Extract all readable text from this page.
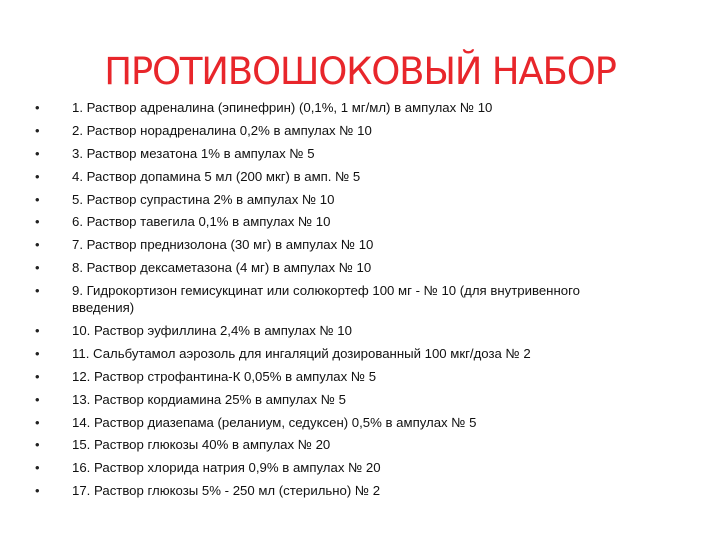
ПРОТИВОШОКОВЫЙ НАБОР
• 1. Раствор адреналина (эпинефрин) (0,1%, 1 мг/мл) в ампулах № 10
• 2. Раствор норадреналина 0,2% в ампулах № 10
• 3. Раствор мезатона 1% в ампулах № 5
• 4. Раствор допамина 5 мл (200 мкг) в амп. № 5
• 5. Раствор супрастина 2% в ампулах № 10
• 6. Раствор тавегила 0,1% в ампулах № 10
• 7. Раствор преднизолона (30 мг) в ампулах № 10
• 8. Раствор дексаметазона (4 мг) в ампулах № 10
• 9. Гидрокортизон гемисукцинат или солюкортеф 100 мг - № 10 (для внутривенного введения)
• 10. Раствор эуфиллина 2,4% в ампулах № 10
• 11. Сальбутамол аэрозоль для ингаляций дозированный 100 мкг/доза № 2
• 12. Раствор строфантина-К 0,05% в ампулах № 5
• 13. Раствор кордиамина 25% в ампулах № 5
• 14. Раствор диазепама (реланиум, седуксен) 0,5% в ампулах № 5
• 15. Раствор глюкозы 40% в ампулах № 20
• 16. Раствор хлорида натрия 0,9% в ампулах № 20
• 17. Раствор глюкозы 5% - 250 мл (стерильно) № 2
